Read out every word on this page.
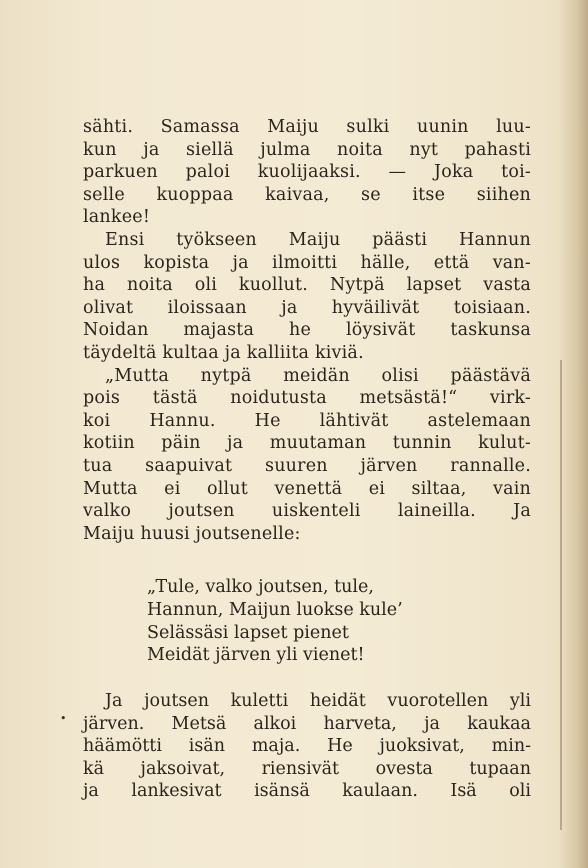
sähti. Samassa Maiju sulki uunin luu-
kun ja siellä julma noita nyt pahasti
parkuen paloi kuolijaaksi. — Joka toi-
selle kuoppaa kaivaa, se itse siihen
lankee!
Ensi työkseen Maiju päästi Hannun
ulos kopista ja ilmoitti hälle, että van-
ha noita oli kuollut. Nytpä lapset vasta
olivat iloissaan ja hyväilivät toisiaan.
Noidan majasta he löysivät taskunsa
täydeltä kultaa ja kalliita kiviä.
„Mutta nytpä meidän olisi päästävä
pois tästä noidutusta metsästä!“ virk-
koi Hannu. He lähtivät astelemaan
kotiin päin ja muutaman tunnin kulut-
tua saapuivat suuren järven rannalle.
Mutta ei ollut venettä ei siltaa, vain
valko joutsen uiskenteli laineilla. Ja
Maiju huusi joutsenelle:
„Tule, valko joutsen, tule,
Hannun, Maijun luokse kule’
Selässäsi lapset pienet
Meidät järven yli vienet!
•
Ja joutsen kuletti heidät vuorotellen yli
järven. Metsä alkoi harveta, ja kaukaa
häämötti isän maja. He juoksivat, min-
kä jaksoivat, riensivät ovesta tupaan
ja lankesivat isänsä kaulaan. Isä oli
